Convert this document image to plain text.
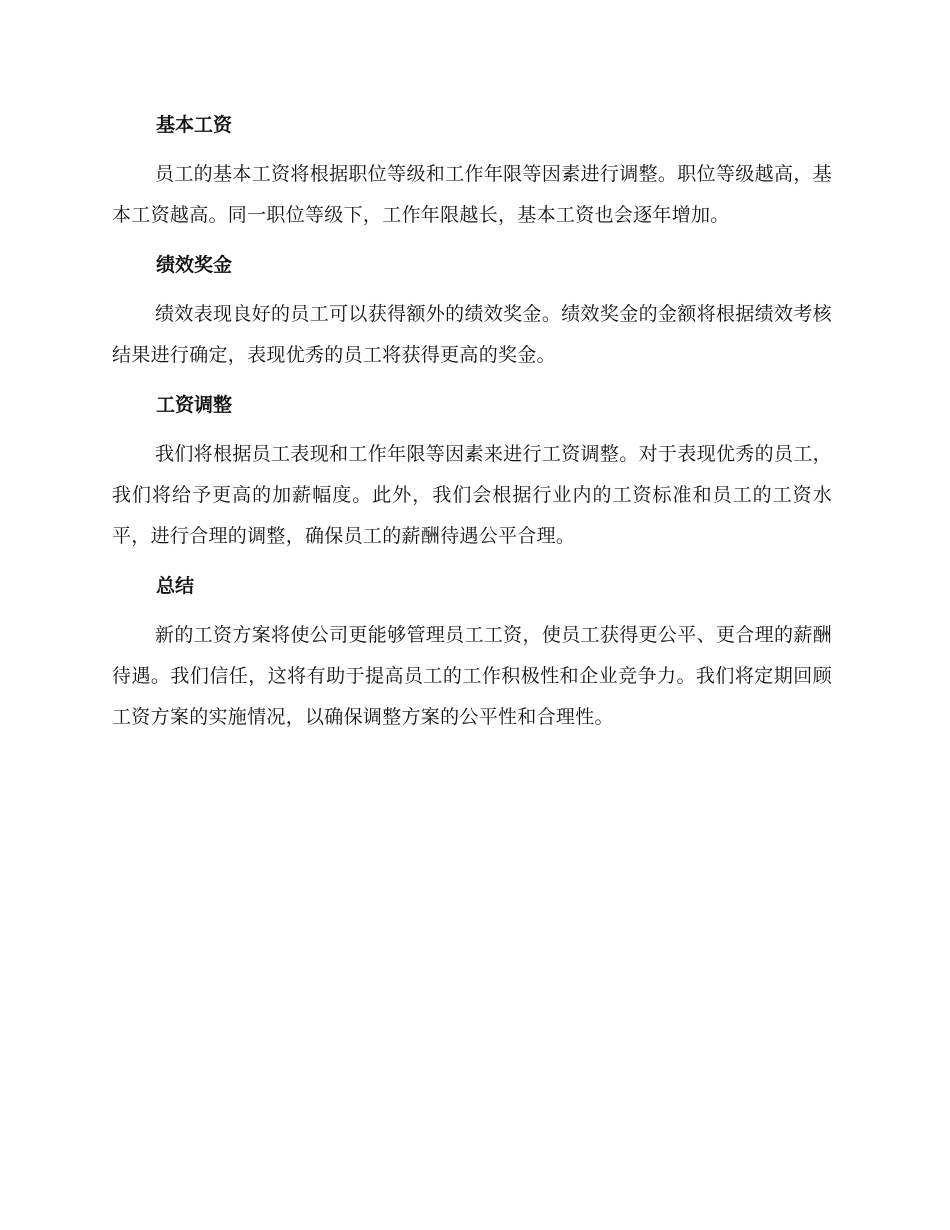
基本工资

员工的基本工资将根据职位等级和工作年限等因素进行调整。职位等级越高，基本工资越高。同一职位等级下，工作年限越长，基本工资也会逐年增加。

绩效奖金

绩效表现良好的员工可以获得额外的绩效奖金。绩效奖金的金额将根据绩效考核结果进行确定，表现优秀的员工将获得更高的奖金。

工资调整

我们将根据员工表现和工作年限等因素来进行工资调整。对于表现优秀的员工，我们将给予更高的加薪幅度。此外，我们会根据行业内的工资标准和员工的工资水平，进行合理的调整，确保员工的薪酬待遇公平合理。

总结

新的工资方案将使公司更能够管理员工工资，使员工获得更公平、更合理的薪酬待遇。我们信任，这将有助于提高员工的工作积极性和企业竞争力。我们将定期回顾工资方案的实施情况，以确保调整方案的公平性和合理性。
